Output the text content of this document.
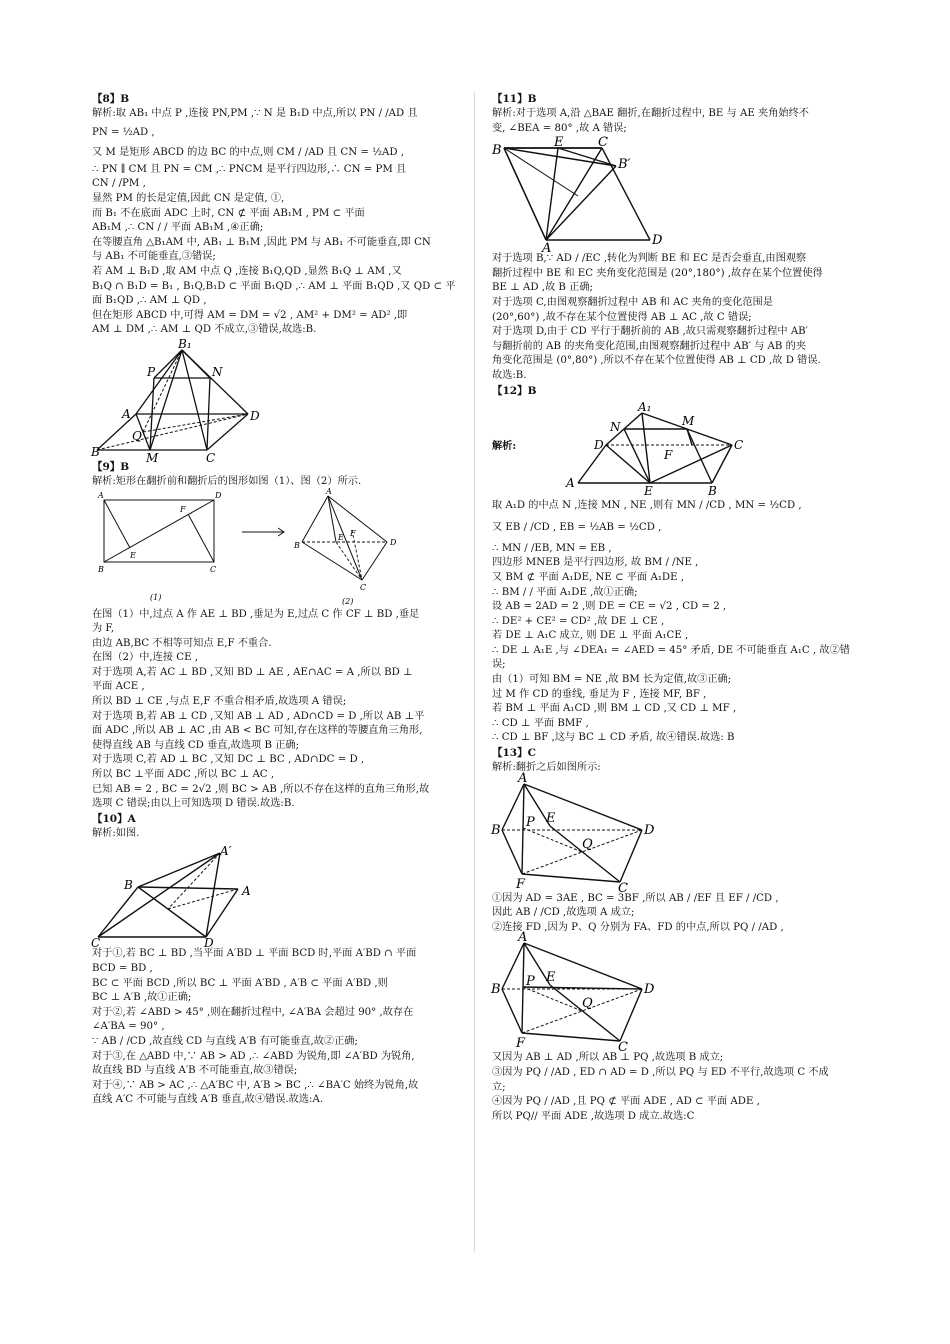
【8】B

解析:取 AB₁ 中点 P ,连接 PN,PM ,∵ N 是 B₁D 中点,所以 PN / /AD 且

PN = ½AD ,

又 M 是矩形 ABCD 的边 BC 的中点,则 CM / /AD 且 CN = ½AD ,

∴ PN ∥ CM 且 PN = CM ,∴ PNCM 是平行四边形,∴ CN = PM 且

CN / /PM ,

显然 PM 的长是定值,因此 CN 是定值, ①,

而 B₁ 不在底面 ADC 上时, CN ⊄ 平面 AB₁M , PM ⊂ 平面

AB₁M ,∴ CN / / 平面 AB₁M ,④正确;

在等腰直角 △B₁AM 中, AB₁ ⊥ B₁M ,因此 PM 与 AB₁ 不可能垂直,即 CN

与 AB₁ 不可能垂直,③错误;

若 AM ⊥ B₁D ,取 AM 中点 Q ,连接 B₁Q,QD ,显然 B₁Q ⊥ AM ,又

B₁Q ∩ B₁D = B₁ , B₁Q,B₁D ⊂ 平面 B₁QD ,∴ AM ⊥ 平面 B₁QD ,又 QD ⊂ 平

面 B₁QD ,∴ AM ⊥ QD ,

但在矩形 ABCD 中,可得 AM = DM = √2 , AM² + DM² = AD² ,即

AM ⊥ DM ,∴ AM ⊥ QD 不成立,③错误,故选:B.

B₁
P	N
A	D
Q
B	M	C

【9】B

解析:矩形在翻折前和翻折后的图形如图（1）、图（2）所示.

A
F
E
B	C
D
(1)
A
B
E F
D
C
(2)

在图（1）中,过点 A 作 AE ⊥ BD ,垂足为 E,过点 C 作 CF ⊥ BD ,垂足

为 F,

由边 AB,BC 不相等可知点 E,F 不重合.

在图（2）中,连接 CE ,

对于选项 A,若 AC ⊥ BD ,又知 BD ⊥ AE , AE∩AC = A ,所以 BD ⊥

平面 ACE ,

所以 BD ⊥ CE ,与点 E,F 不重合相矛盾,故选项 A 错误;

对于选项 B,若 AB ⊥ CD ,又知 AB ⊥ AD , AD∩CD = D ,所以 AB ⊥平

面 ADC ,所以 AB ⊥ AC ,由 AB < BC 可知,存在这样的等腰直角三角形,

使得直线 AB 与直线 CD 垂直,故选项 B 正确;

对于选项 C,若 AD ⊥ BC ,又知 DC ⊥ BC , AD∩DC = D ,

所以 BC ⊥平面 ADC ,所以 BC ⊥ AC ,

已知 AB = 2 , BC = 2√2 ,则 BC > AB ,所以不存在这样的直角三角形,故

选项 C 错误;由以上可知选项 D 错误.故选:B.

【10】A

解析:如图.

A′
B	A
C	D

对于①,若 BC ⊥ BD ,当平面 A′BD ⊥ 平面 BCD 时,平面 A′BD ∩ 平面

BCD = BD ,

BC ⊂ 平面 BCD ,所以 BC ⊥ 平面 A′BD , A′B ⊂ 平面 A′BD ,则

BC ⊥ A′B ,故①正确;

对于②,若 ∠ABD > 45° ,则在翻折过程中, ∠A′BA 会超过 90° ,故存在

∠A′BA = 90° ,

∵ AB / /CD ,故直线 CD 与直线 A′B 有可能垂直,故②正确;

对于③,在 △ABD 中,∵ AB > AD ,∴ ∠ABD 为锐角,即 ∠A′BD 为锐角,

故直线 BD 与直线 A′B 不可能垂直,故③错误;

对于④,∵ AB > AC ,∴ △A′BC 中, A′B > BC ,∴ ∠BA′C 始终为锐角,故

直线 A′C 不可能与直线 A′B 垂直,故④错误.故选:A.

【11】B

解析:对于选项 A,沿 △BAE 翻折,在翻折过程中, BE 与 AE 夹角始终不

变, ∠BEA = 80° ,故 A 错误;

B
E	C
B′
A
D

对于选项 B,∵ AD / /EC ,转化为判断 BE 和 EC 是否会垂直,由图观察

翻折过程中 BE 和 EC 夹角变化范围是 (20°,180°) ,故存在某个位置使得

BE ⊥ AD ,故 B 正确;

对于选项 C,由图观察翻折过程中 AB 和 AC 夹角的变化范围是

(20°,60°) ,故不存在某个位置使得 AB ⊥ AC ,故 C 错误;

对于选项 D,由于 CD 平行于翻折前的 AB ,故只需观察翻折过程中 AB′

与翻折前的 AB 的夹角变化范围,由图观察翻折过程中 AB′ 与 AB 的夹

角变化范围是 (0°,80°) ,所以不存在某个位置使得 AB ⊥ CD ,故 D 错误.

故选:B.

【12】B

解析:
A₁
N	M
D
F
C
A
E	B

取 A₁D 的中点 N ,连接 MN , NE ,则有 MN / /CD , MN = ½CD ,

又 EB / /CD , EB = ½AB = ½CD ,

∴ MN / /EB, MN = EB ,

四边形 MNEB 是平行四边形, 故 BM / /NE ,

又 BM ⊄ 平面 A₁DE, NE ⊂ 平面 A₁DE ,

∴ BM / / 平面 A₁DE ,故①正确;

设 AB = 2AD = 2 ,则 DE = CE = √2 , CD = 2 ,

∴ DE² + CE² = CD² ,故 DE ⊥ CE ,

若 DE ⊥ A₁C 成立, 则 DE ⊥ 平面 A₁CE ,

∴ DE ⊥ A₁E ,与 ∠DEA₁ = ∠AED = 45° 矛盾, DE 不可能垂直 A₁C , 故②错

误;

由（1）可知 BM = NE ,故 BM 长为定值,故③正确;

过 M 作 CD 的垂线, 垂足为 F , 连接 MF, BF ,

若 BM ⊥ 平面 A₁CD ,则 BM ⊥ CD ,又 CD ⊥ MF ,

∴ CD ⊥ 平面 BMF ,

∴ CD ⊥ BF ,这与 BC ⊥ CD 矛盾, 故④错误.故选: B

【13】C

解析:翻折之后如图所示:

A
P E
B
Q
D
F	C

①因为 AD = 3AE , BC = 3BF ,所以 AB / /EF 且 EF / /CD ,

因此 AB / /CD ,故选项 A 成立;

②连接 FD ,因为 P、Q 分别为 FA、FD 的中点,所以 PQ / /AD ,

A
P E
B
Q
D
F	C

又因为 AB ⊥ AD ,所以 AB ⊥ PQ ,故选项 B 成立;

③因为 PQ / /AD , ED ∩ AD = D ,所以 PQ 与 ED 不平行,故选项 C 不成

立;

④因为 PQ / /AD ,且 PQ ⊄ 平面 ADE , AD ⊂ 平面 ADE ,

所以 PQ// 平面 ADE ,故选项 D 成立.故选:C
